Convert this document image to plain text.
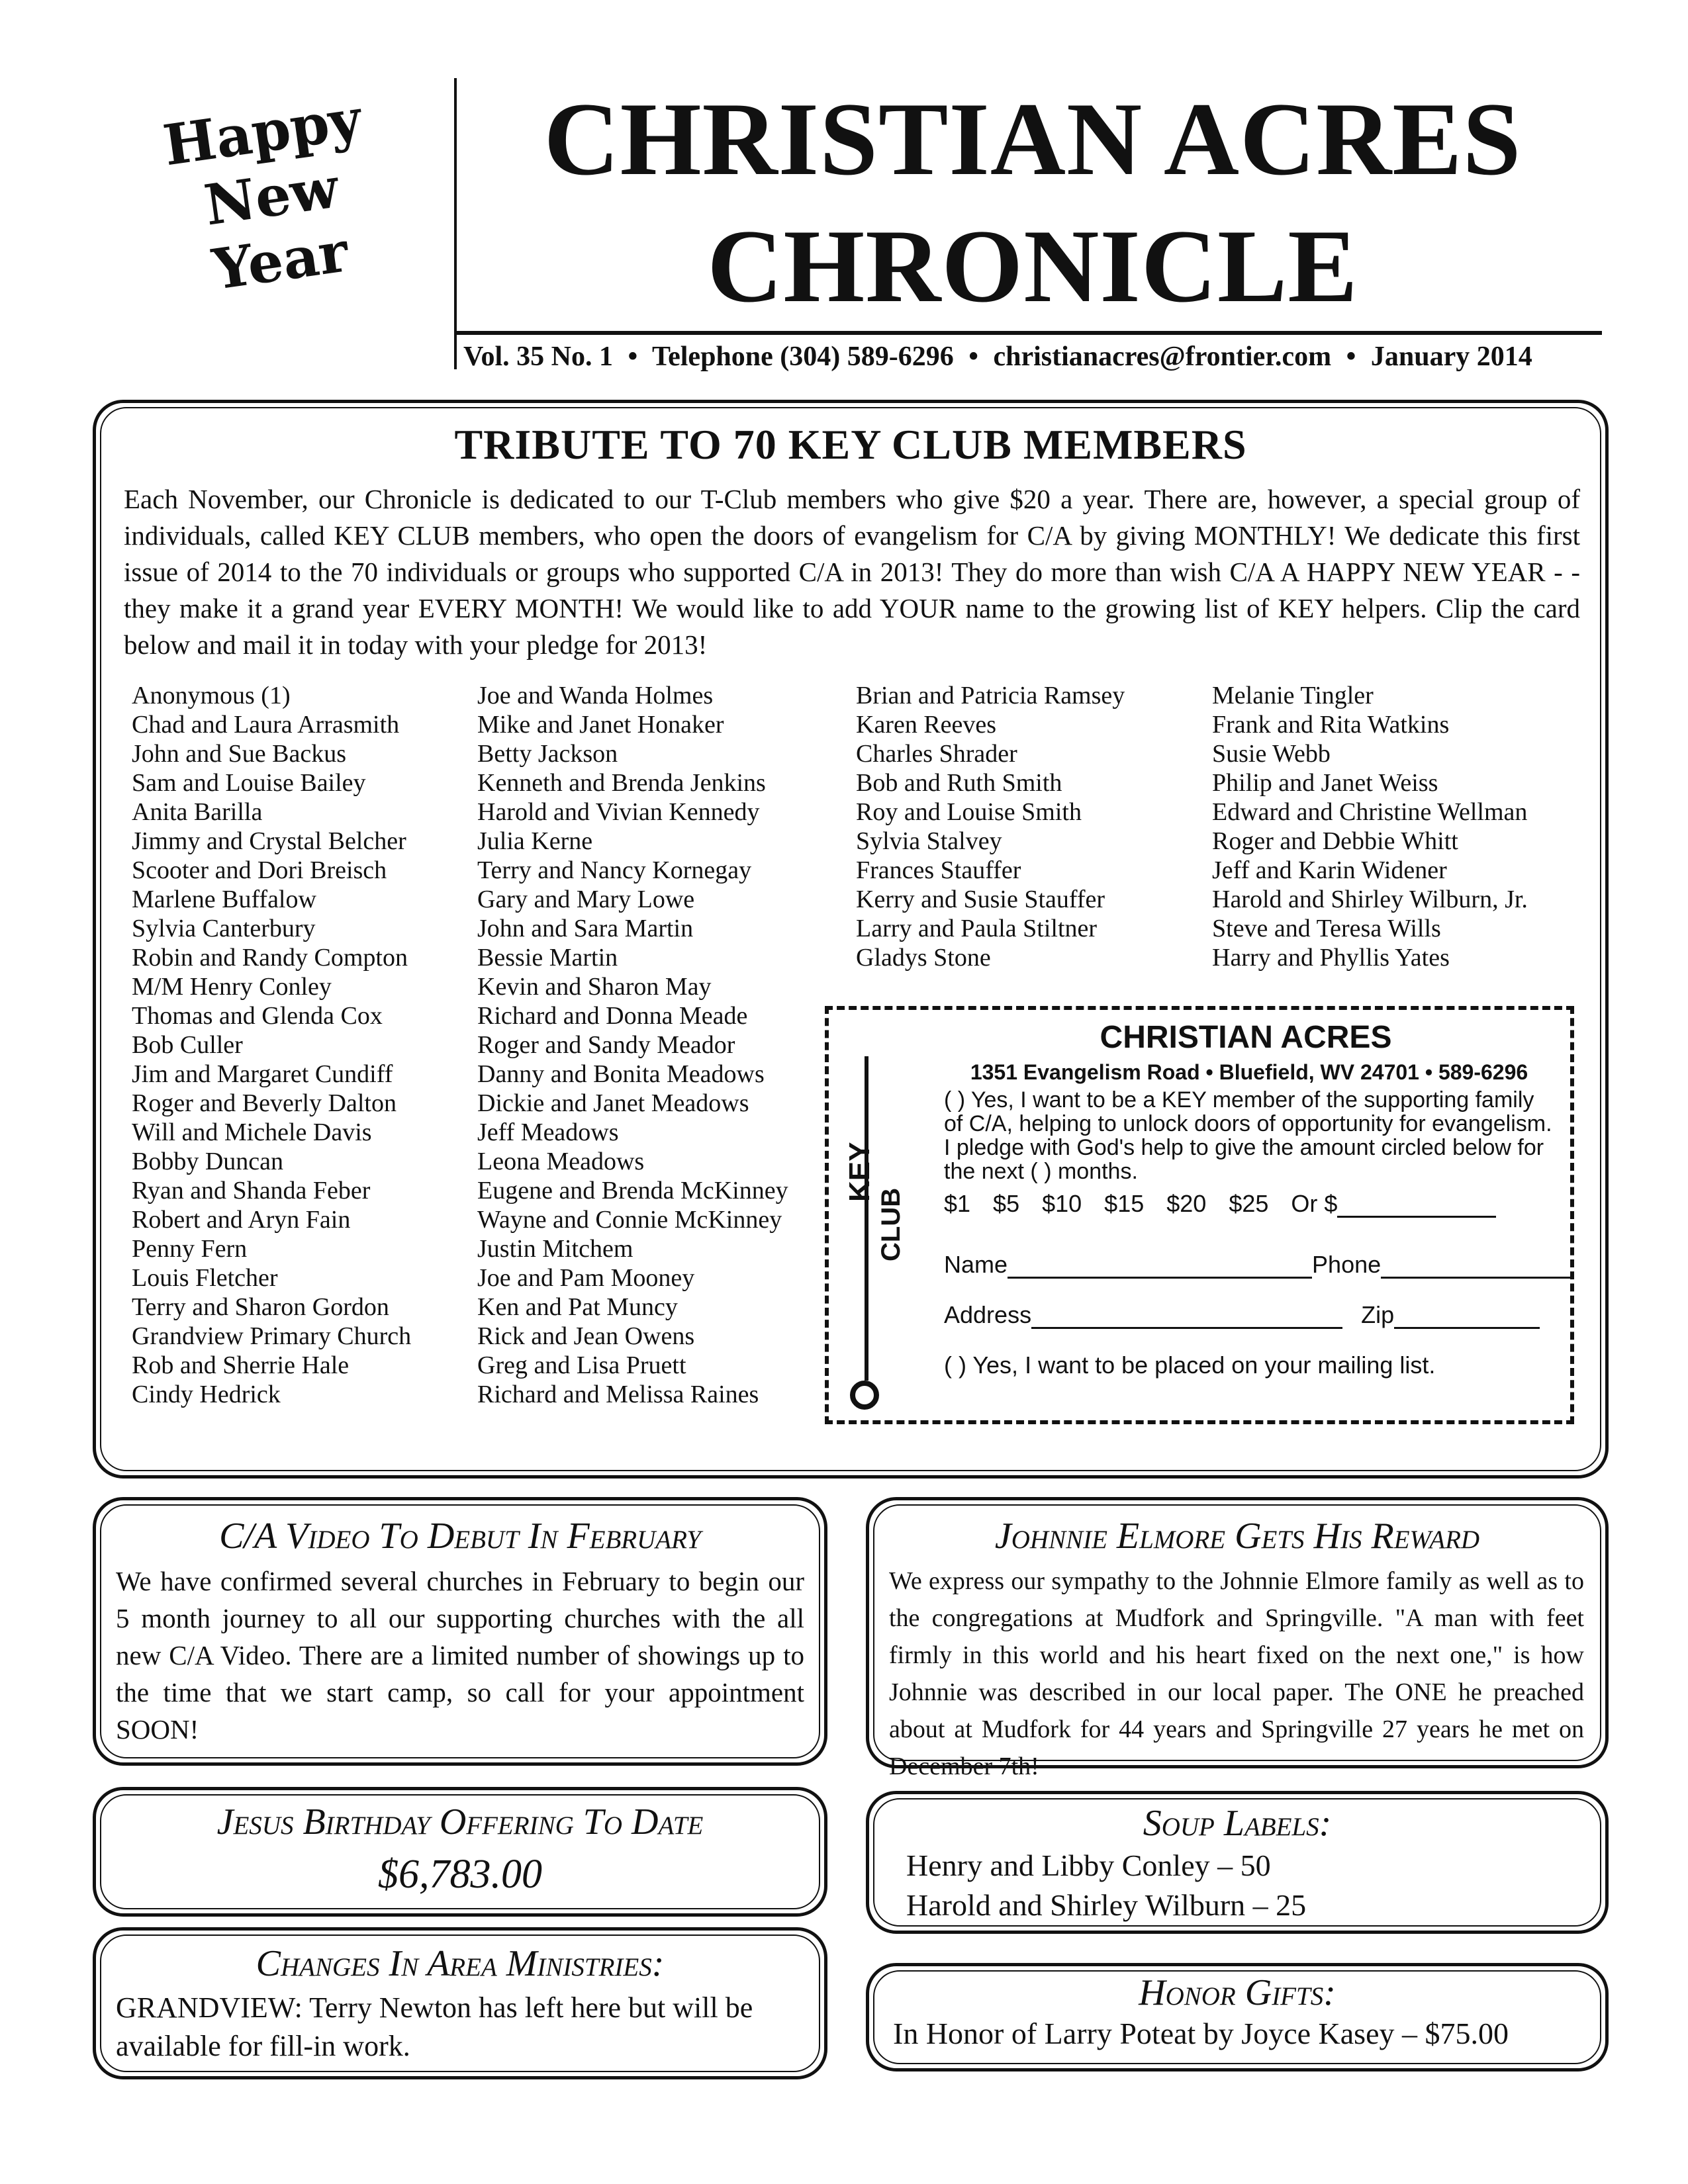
Happy
New
Year
CHRISTIAN ACRES
CHRONICLE
Vol. 35 No. 1 • Telephone (304) 589-6296 • christianacres@frontier.com • January 2014
TRIBUTE TO 70 KEY CLUB MEMBERS

Each November, our Chronicle is dedicated to our T-Club members who give $20 a year. There are, however, a special group of individuals, called KEY CLUB members, who open the doors of evangelism for C/A by giving MONTHLY! We dedicate this first issue of 2014 to the 70 individuals or groups who supported C/A in 2013! They do more than wish C/A A HAPPY NEW YEAR - - they make it a grand year EVERY MONTH! We would like to add YOUR name to the growing list of KEY helpers. Clip the card below and mail it in today with your pledge for 2013!

Anonymous (1)
Chad and Laura Arrasmith
John and Sue Backus
Sam and Louise Bailey
Anita Barilla
Jimmy and Crystal Belcher
Scooter and Dori Breisch
Marlene Buffalow
Sylvia Canterbury
Robin and Randy Compton
M/M Henry Conley
Thomas and Glenda Cox
Bob Culler
Jim and Margaret Cundiff
Roger and Beverly Dalton
Will and Michele Davis
Bobby Duncan
Ryan and Shanda Feber
Robert and Aryn Fain
Penny Fern
Louis Fletcher
Terry and Sharon Gordon
Grandview Primary Church
Rob and Sherrie Hale
Cindy Hedrick
Joe and Wanda Holmes
Mike and Janet Honaker
Betty Jackson
Kenneth and Brenda Jenkins
Harold and Vivian Kennedy
Julia Kerne
Terry and Nancy Kornegay
Gary and Mary Lowe
John and Sara Martin
Bessie Martin
Kevin and Sharon May
Richard and Donna Meade
Roger and Sandy Meador
Danny and Bonita Meadows
Dickie and Janet Meadows
Jeff Meadows
Leona Meadows
Eugene and Brenda McKinney
Wayne and Connie McKinney
Justin Mitchem
Joe and Pam Mooney
Ken and Pat Muncy
Rick and Jean Owens
Greg and Lisa Pruett
Richard and Melissa Raines
Brian and Patricia Ramsey
Karen Reeves
Charles Shrader
Bob and Ruth Smith
Roy and Louise Smith
Sylvia Stalvey
Frances Stauffer
Kerry and Susie Stauffer
Larry and Paula Stiltner
Gladys Stone
Melanie Tingler
Frank and Rita Watkins
Susie Webb
Philip and Janet Weiss
Edward and Christine Wellman
Roger and Debbie Whitt
Jeff and Karin Widener
Harold and Shirley Wilburn, Jr.
Steve and Teresa Wills
Harry and Phyllis Yates
KEY
CLUB
CHRISTIAN ACRES
1351 Evangelism Road • Bluefield, WV 24701 • 589-6296

( ) Yes, I want to be a KEY member of the supporting family of C/A, helping to unlock doors of opportunity for evangelism. I pledge with God's help to give the amount circled below for the next ( ) months.

$1 $5 $10 $15 $20 $25 Or $
Name	Phone
Address	Zip
( ) Yes, I want to be placed on your mailing list.
C/A Video To Debut In February

We have confirmed several churches in February to begin our 5 month journey to all our supporting churches with the all new C/A Video. There are a limited number of showings up to the time that we start camp, so call for your appointment SOON!

Johnnie Elmore Gets His Reward

We express our sympathy to the Johnnie Elmore family as well as to the congregations at Mudfork and Springville. "A man with feet firmly in this world and his heart fixed on the next one," is how Johnnie was described in our local paper. The ONE he preached about at Mudfork for 44 years and Springville 27 years he met on December 7th!

Jesus Birthday Offering To Date
$6,783.00
Soup Labels:
Henry and Libby Conley – 50
Harold and Shirley Wilburn – 25
Changes In Area Ministries:

GRANDVIEW: Terry Newton has left here but will be available for fill-in work.

Honor Gifts:
In Honor of Larry Poteat by Joyce Kasey – $75.00
